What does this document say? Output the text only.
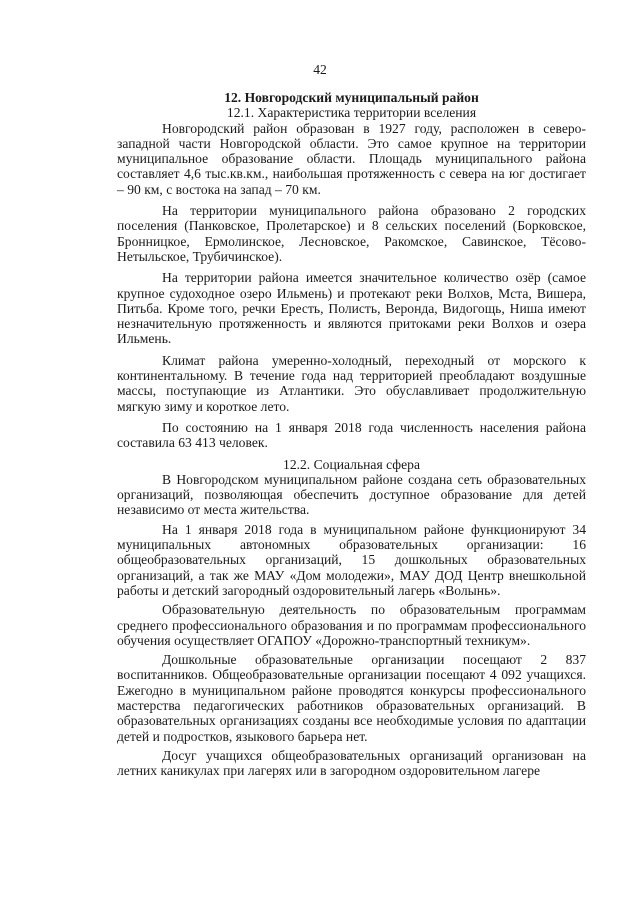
42

12. Новгородский муниципальный район

12.1. Характеристика территории вселения

Новгородский район образован в 1927 году, расположен в северо-западной части Новгородской области. Это самое крупное на территории муниципальное образование области. Площадь муниципального района составляет 4,6 тыс.кв.км., наибольшая протяженность с севера на юг достигает – 90 км, с востока на запад – 70 км.

На территории муниципального района образовано 2 городских поселения (Панковское, Пролетарское) и 8 сельских поселений (Борковское, Бронницкое, Ермолинское, Лесновское, Ракомское, Савинское, Тёсово-Нетыльское, Трубичинское).

На территории района имеется значительное количество озёр (самое крупное судоходное озеро Ильмень) и протекают реки Волхов, Мста, Вишера, Питьба. Кроме того, речки Ересть, Полисть, Веронда, Видогощь, Ниша имеют незначительную протяженность и являются притоками реки Волхов и озера Ильмень.

Климат района умеренно-холодный, переходный от морского к континентальному. В течение года над территорией преобладают воздушные массы, поступающие из Атлантики. Это обуславливает продолжительную мягкую зиму и короткое лето.

По состоянию на 1 января 2018 года численность населения района составила 63 413 человек.

12.2. Социальная сфера

В Новгородском муниципальном районе создана сеть образовательных организаций, позволяющая обеспечить доступное образование для детей независимо от места жительства.

На 1 января 2018 года в муниципальном районе функционируют 34 муниципальных автономных образовательных организации: 16 общеобразовательных организаций, 15 дошкольных образовательных организаций, а так же МАУ «Дом молодежи», МАУ ДОД Центр внешкольной работы и детский загородный оздоровительный лагерь «Волынь».

Образовательную деятельность по образовательным программам среднего профессионального образования и по программам профессионального обучения осуществляет ОГАПОУ «Дорожно-транспортный техникум».

Дошкольные образовательные организации посещают 2 837 воспитанников. Общеобразовательные организации посещают 4 092 учащихся. Ежегодно в муниципальном районе проводятся конкурсы профессионального мастерства педагогических работников образовательных организаций. В образовательных организациях созданы все необходимые условия по адаптации детей и подростков, языкового барьера нет.

Досуг учащихся общеобразовательных организаций организован на летних каникулах при лагерях или в загородном оздоровительном лагере
